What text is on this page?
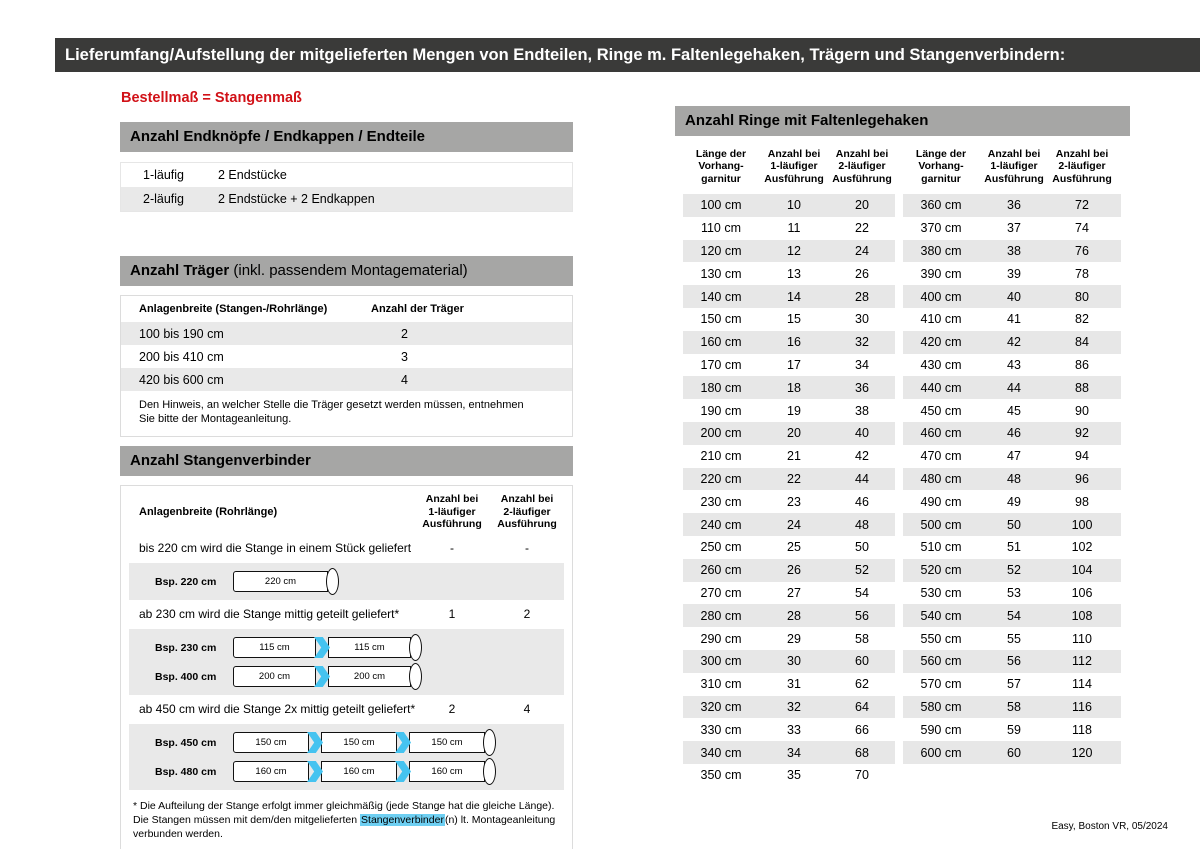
Lieferumfang/Aufstellung der mitgelieferten Mengen von Endteilen, Ringe m. Faltenlegehaken, Trägern und Stangenverbindern:
Bestellmaß = Stangenmaß
Anzahl Endknöpfe / Endkappen / Endteile
1-läufig	2 Endstücke
2-läufig	2 Endstücke + 2 Endkappen
Anzahl Träger (inkl. passendem Montagematerial)
Anlagenbreite (Stangen-/Rohrlänge)	Anzahl der Träger
100 bis 190 cm	2
200 bis 410 cm	3
420 bis 600 cm	4
Den Hinweis, an welcher Stelle die Träger gesetzt werden müssen, entnehmen Sie bitte der Montageanleitung.
Anzahl Stangenverbinder
Anlagenbreite (Rohrlänge)
Anzahl bei
1-läufiger
Ausführung
Anzahl bei
2-läufiger
Ausführung
bis 220 cm wird die Stange in einem Stück geliefert	-	-
Bsp. 220 cm	220 cm
ab 230 cm wird die Stange mittig geteilt geliefert*	1	2
Bsp. 230 cm	115 cm	115 cm
Bsp. 400 cm	200 cm	200 cm
ab 450 cm wird die Stange 2x mittig geteilt geliefert*	2	4
Bsp. 450 cm	150 cm	150 cm	150 cm
Bsp. 480 cm	160 cm	160 cm	160 cm
* Die Aufteilung der Stange erfolgt immer gleichmäßig (jede Stange hat die gleiche Länge). Die Stangen müssen mit dem/den mitgelieferten Stangenverbinder(n) lt. Montageanleitung verbunden werden.
Anzahl Ringe mit Faltenlegehaken
Länge der
Vorhang-
garnitur
Anzahl bei
1-läufiger
Ausführung
Anzahl bei
2-läufiger
Ausführung
100 cm	10	20
110 cm	11	22
120 cm	12	24
130 cm	13	26
140 cm	14	28
150 cm	15	30
160 cm	16	32
170 cm	17	34
180 cm	18	36
190 cm	19	38
200 cm	20	40
210 cm	21	42
220 cm	22	44
230 cm	23	46
240 cm	24	48
250 cm	25	50
260 cm	26	52
270 cm	27	54
280 cm	28	56
290 cm	29	58
300 cm	30	60
310 cm	31	62
320 cm	32	64
330 cm	33	66
340 cm	34	68
350 cm	35	70
Länge der
Vorhang-
garnitur
Anzahl bei
1-läufiger
Ausführung
Anzahl bei
2-läufiger
Ausführung
360 cm	36	72
370 cm	37	74
380 cm	38	76
390 cm	39	78
400 cm	40	80
410 cm	41	82
420 cm	42	84
430 cm	43	86
440 cm	44	88
450 cm	45	90
460 cm	46	92
470 cm	47	94
480 cm	48	96
490 cm	49	98
500 cm	50	100
510 cm	51	102
520 cm	52	104
530 cm	53	106
540 cm	54	108
550 cm	55	110
560 cm	56	112
570 cm	57	114
580 cm	58	116
590 cm	59	118
600 cm	60	120
Easy, Boston VR, 05/2024
